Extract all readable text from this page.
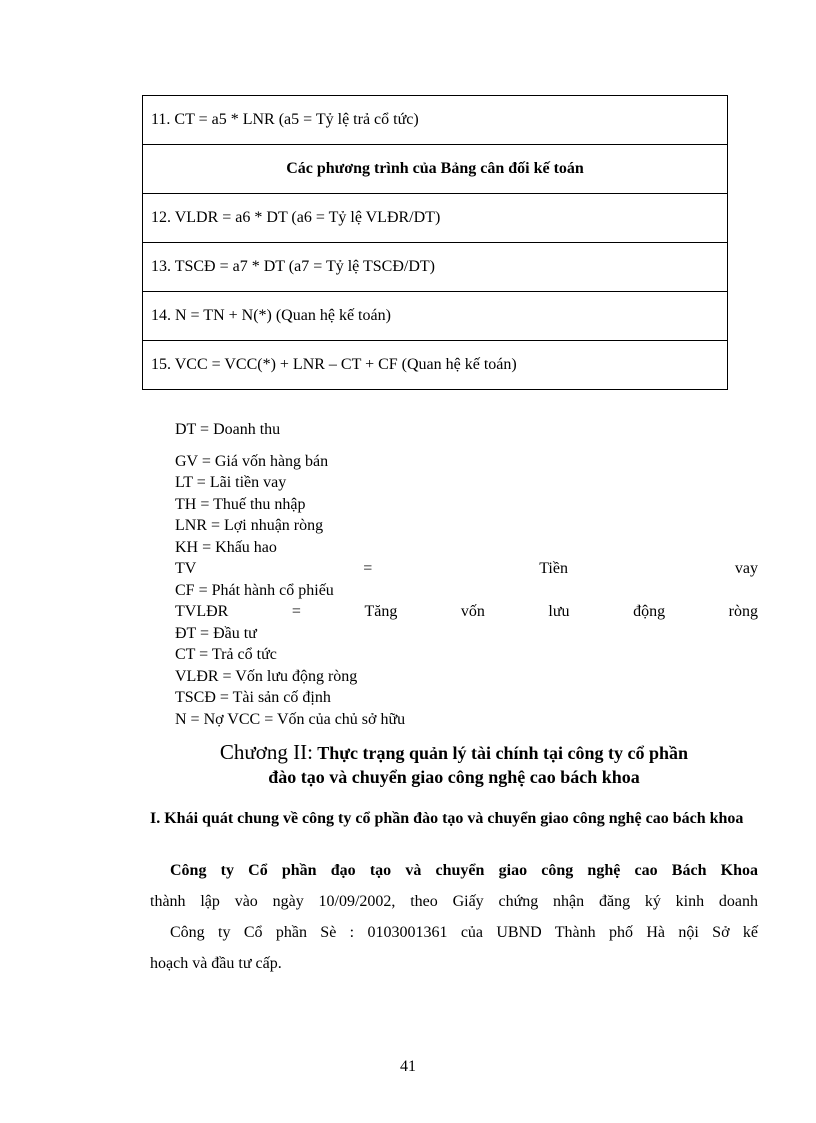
11. CT = a5 * LNR (a5 = Tỷ lệ trả cổ tức)
Các phương trình của Bảng cân đối kế toán
12. VLDR = a6 * DT (a6 = Tỷ lệ VLĐR/DT)
13. TSCĐ = a7 * DT (a7 = Tỷ lệ TSCĐ/DT)
14. N = TN + N(*) (Quan hệ kế toán)
15. VCC = VCC(*) + LNR – CT + CF (Quan hệ kế toán)
DT = Doanh thu
GV = Giá vốn hàng bán
LT = Lãi tiền vay
TH = Thuế thu nhập
LNR = Lợi nhuận ròng
KH = Khấu hao
TV	=	Tiền	vay
CF = Phát hành cổ phiếu
TVLĐR	=	Tăng	vốn	lưu	động	ròng
ĐT = Đầu tư
CT = Trả cổ tức
VLĐR = Vốn lưu động ròng
TSCĐ = Tài sản cố định
N = Nợ VCC = Vốn của chủ sở hữu
Chương II: Thực trạng quản lý tài chính tại công ty cổ phần
đào tạo và chuyển giao công nghệ cao bách khoa
I. Khái quát chung về công ty cổ phần đào tạo và chuyển giao công nghệ cao bách khoa

Công ty Cổ phần đạo tạo và chuyển giao công nghệ cao Bách Khoa

thành lập vào ngày 10/09/2002, theo Giấy chứng nhận đăng ký kinh doanh

Công ty Cổ phần Sè : 0103001361 của UBND Thành phố Hà nội Sở kế

hoạch và đầu tư cấp.

41
